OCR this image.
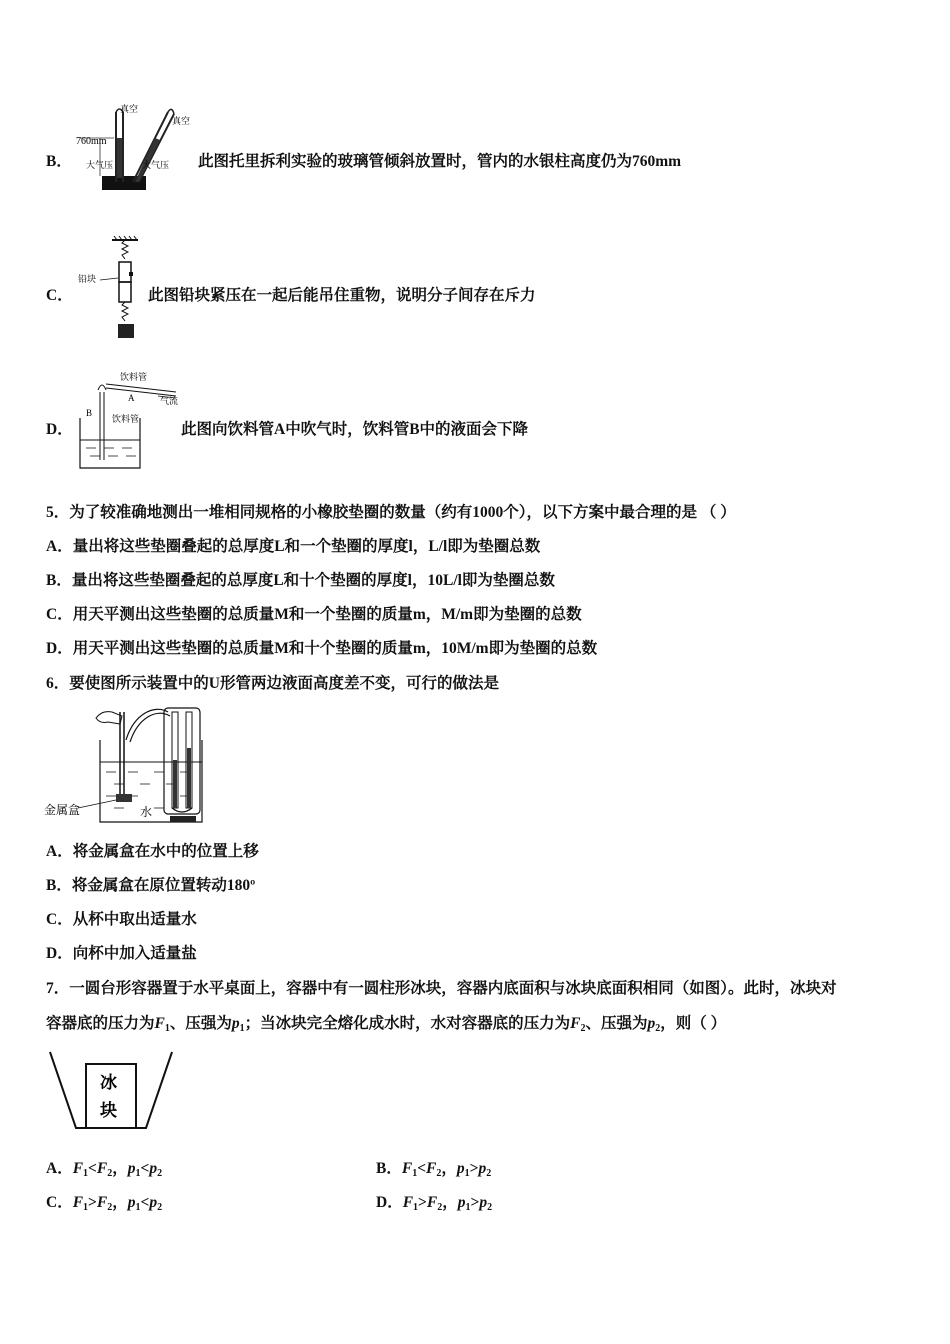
B．
真空
真空
760mm
大气压	大气压 此图托里拆利实验的玻璃管倾斜放置时，管内的水银柱高度仍为760mm
C．
铅块
此图铅块紧压在一起后能吊住重物，说明分子间存在斥力
D．
饮料管
A	气流
B
饮料管
此图向饮料管A中吹气时，饮料管B中的液面会下降
5．为了较准确地测出一堆相同规格的小橡胶垫圈的数量（约有1000个），以下方案中最合理的是 （ ）
A．量出将这些垫圈叠起的总厚度L和一个垫圈的厚度l，L/l即为垫圈总数
B．量出将这些垫圈叠起的总厚度L和十个垫圈的厚度l，10L/l即为垫圈总数
C．用天平测出这些垫圈的总质量M和一个垫圈的质量m，M/m即为垫圈的总数
D．用天平测出这些垫圈的总质量M和十个垫圈的质量m，10M/m即为垫圈的总数
6．要使图所示装置中的U形管两边液面高度差不变，可行的做法是
金属盒	水
A．将金属盒在水中的位置上移
B．将金属盒在原位置转动180º
C．从杯中取出适量水
D．向杯中加入适量盐
7．一圆台形容器置于水平桌面上，容器中有一圆柱形冰块，容器内底面积与冰块底面积相同（如图）。此时，冰块对
容器底的压力为$F_1$、压强为$p_1$；当冰块完全熔化成水时，水对容器底的压力为$F_2$、压强为$p_2$，则（ ）
冰
块
A．$F_1<F_2$，$p_1<p_2$	B．$F_1<F_2$，$p_1>p_2$
C．$F_1>F_2$，$p_1<p_2$	D．$F_1>F_2$，$p_1>p_2$
